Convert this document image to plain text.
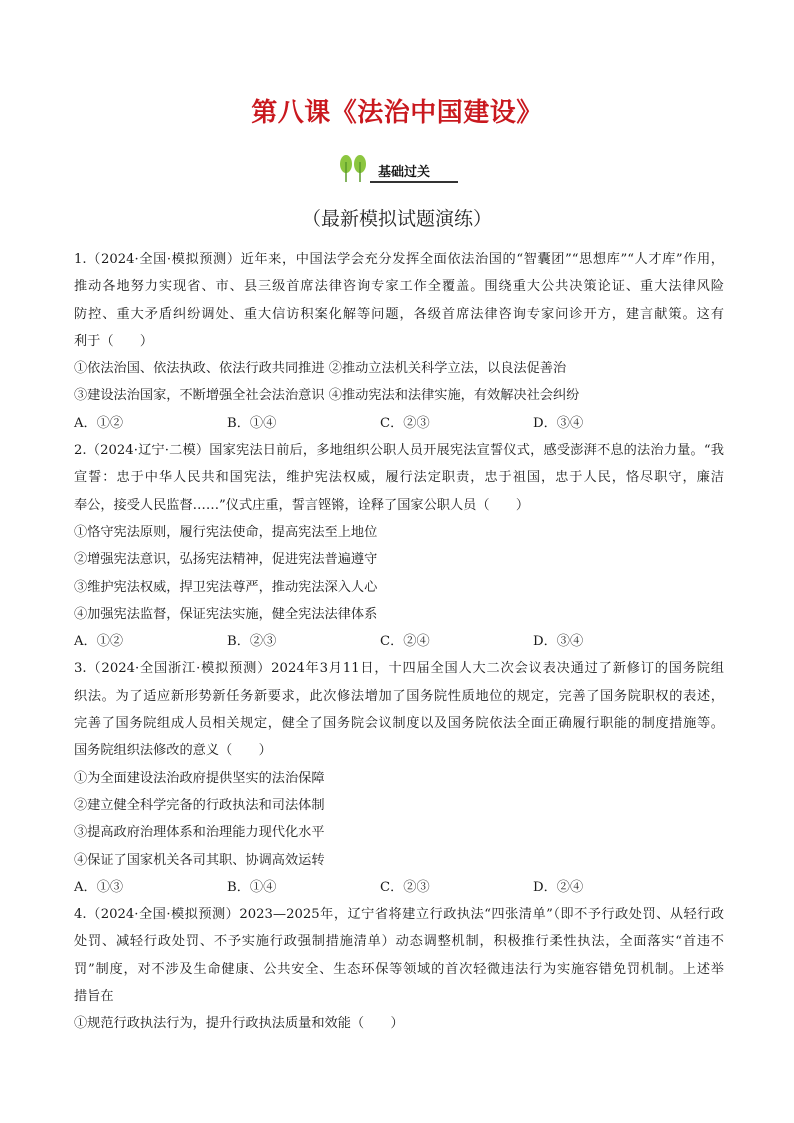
第八课《法治中国建设》
基础过关
（最新模拟试题演练）
1.（2024·全国·模拟预测）近年来，中国法学会充分发挥全面依法治国的“智囊团”“思想库”“人才库”作用，
推动各地努力实现省、市、县三级首席法律咨询专家工作全覆盖。围绕重大公共决策论证、重大法律风险
防控、重大矛盾纠纷调处、重大信访积案化解等问题，各级首席法律咨询专家问诊开方，建言献策。这有
利于（　　）
①依法治国、依法执政、依法行政共同推进 ②推动立法机关科学立法，以良法促善治
③建设法治国家，不断增强全社会法治意识 ④推动宪法和法律实施，有效解决社会纠纷
A．①②	B．①④	C．②③	D．③④
2.（2024·辽宁·二模）国家宪法日前后，多地组织公职人员开展宪法宣誓仪式，感受澎湃不息的法治力量。“我
宣誓：忠于中华人民共和国宪法，维护宪法权威，履行法定职责，忠于祖国，忠于人民，恪尽职守，廉洁
奉公，接受人民监督……”仪式庄重，誓言铿锵，诠释了国家公职人员（　　）
①恪守宪法原则，履行宪法使命，提高宪法至上地位
②增强宪法意识，弘扬宪法精神，促进宪法普遍遵守
③维护宪法权威，捍卫宪法尊严，推动宪法深入人心
④加强宪法监督，保证宪法实施，健全宪法法律体系
A．①②	B．②③	C．②④	D．③④
3.（2024·全国浙江·模拟预测）2024年3月11日，十四届全国人大二次会议表决通过了新修订的国务院组
织法。为了适应新形势新任务新要求，此次修法增加了国务院性质地位的规定，完善了国务院职权的表述，
完善了国务院组成人员相关规定，健全了国务院会议制度以及国务院依法全面正确履行职能的制度措施等。
国务院组织法修改的意义（　　）
①为全面建设法治政府提供坚实的法治保障
②建立健全科学完备的行政执法和司法体制
③提高政府治理体系和治理能力现代化水平
④保证了国家机关各司其职、协调高效运转
A．①③	B．①④	C．②③	D．②④
4.（2024·全国·模拟预测）2023—2025年，辽宁省将建立行政执法“四张清单”（即不予行政处罚、从轻行政
处罚、减轻行政处罚、不予实施行政强制措施清单）动态调整机制，积极推行柔性执法，全面落实“首违不
罚”制度，对不涉及生命健康、公共安全、生态环保等领域的首次轻微违法行为实施容错免罚机制。上述举
措旨在
①规范行政执法行为，提升行政执法质量和效能（　　）
